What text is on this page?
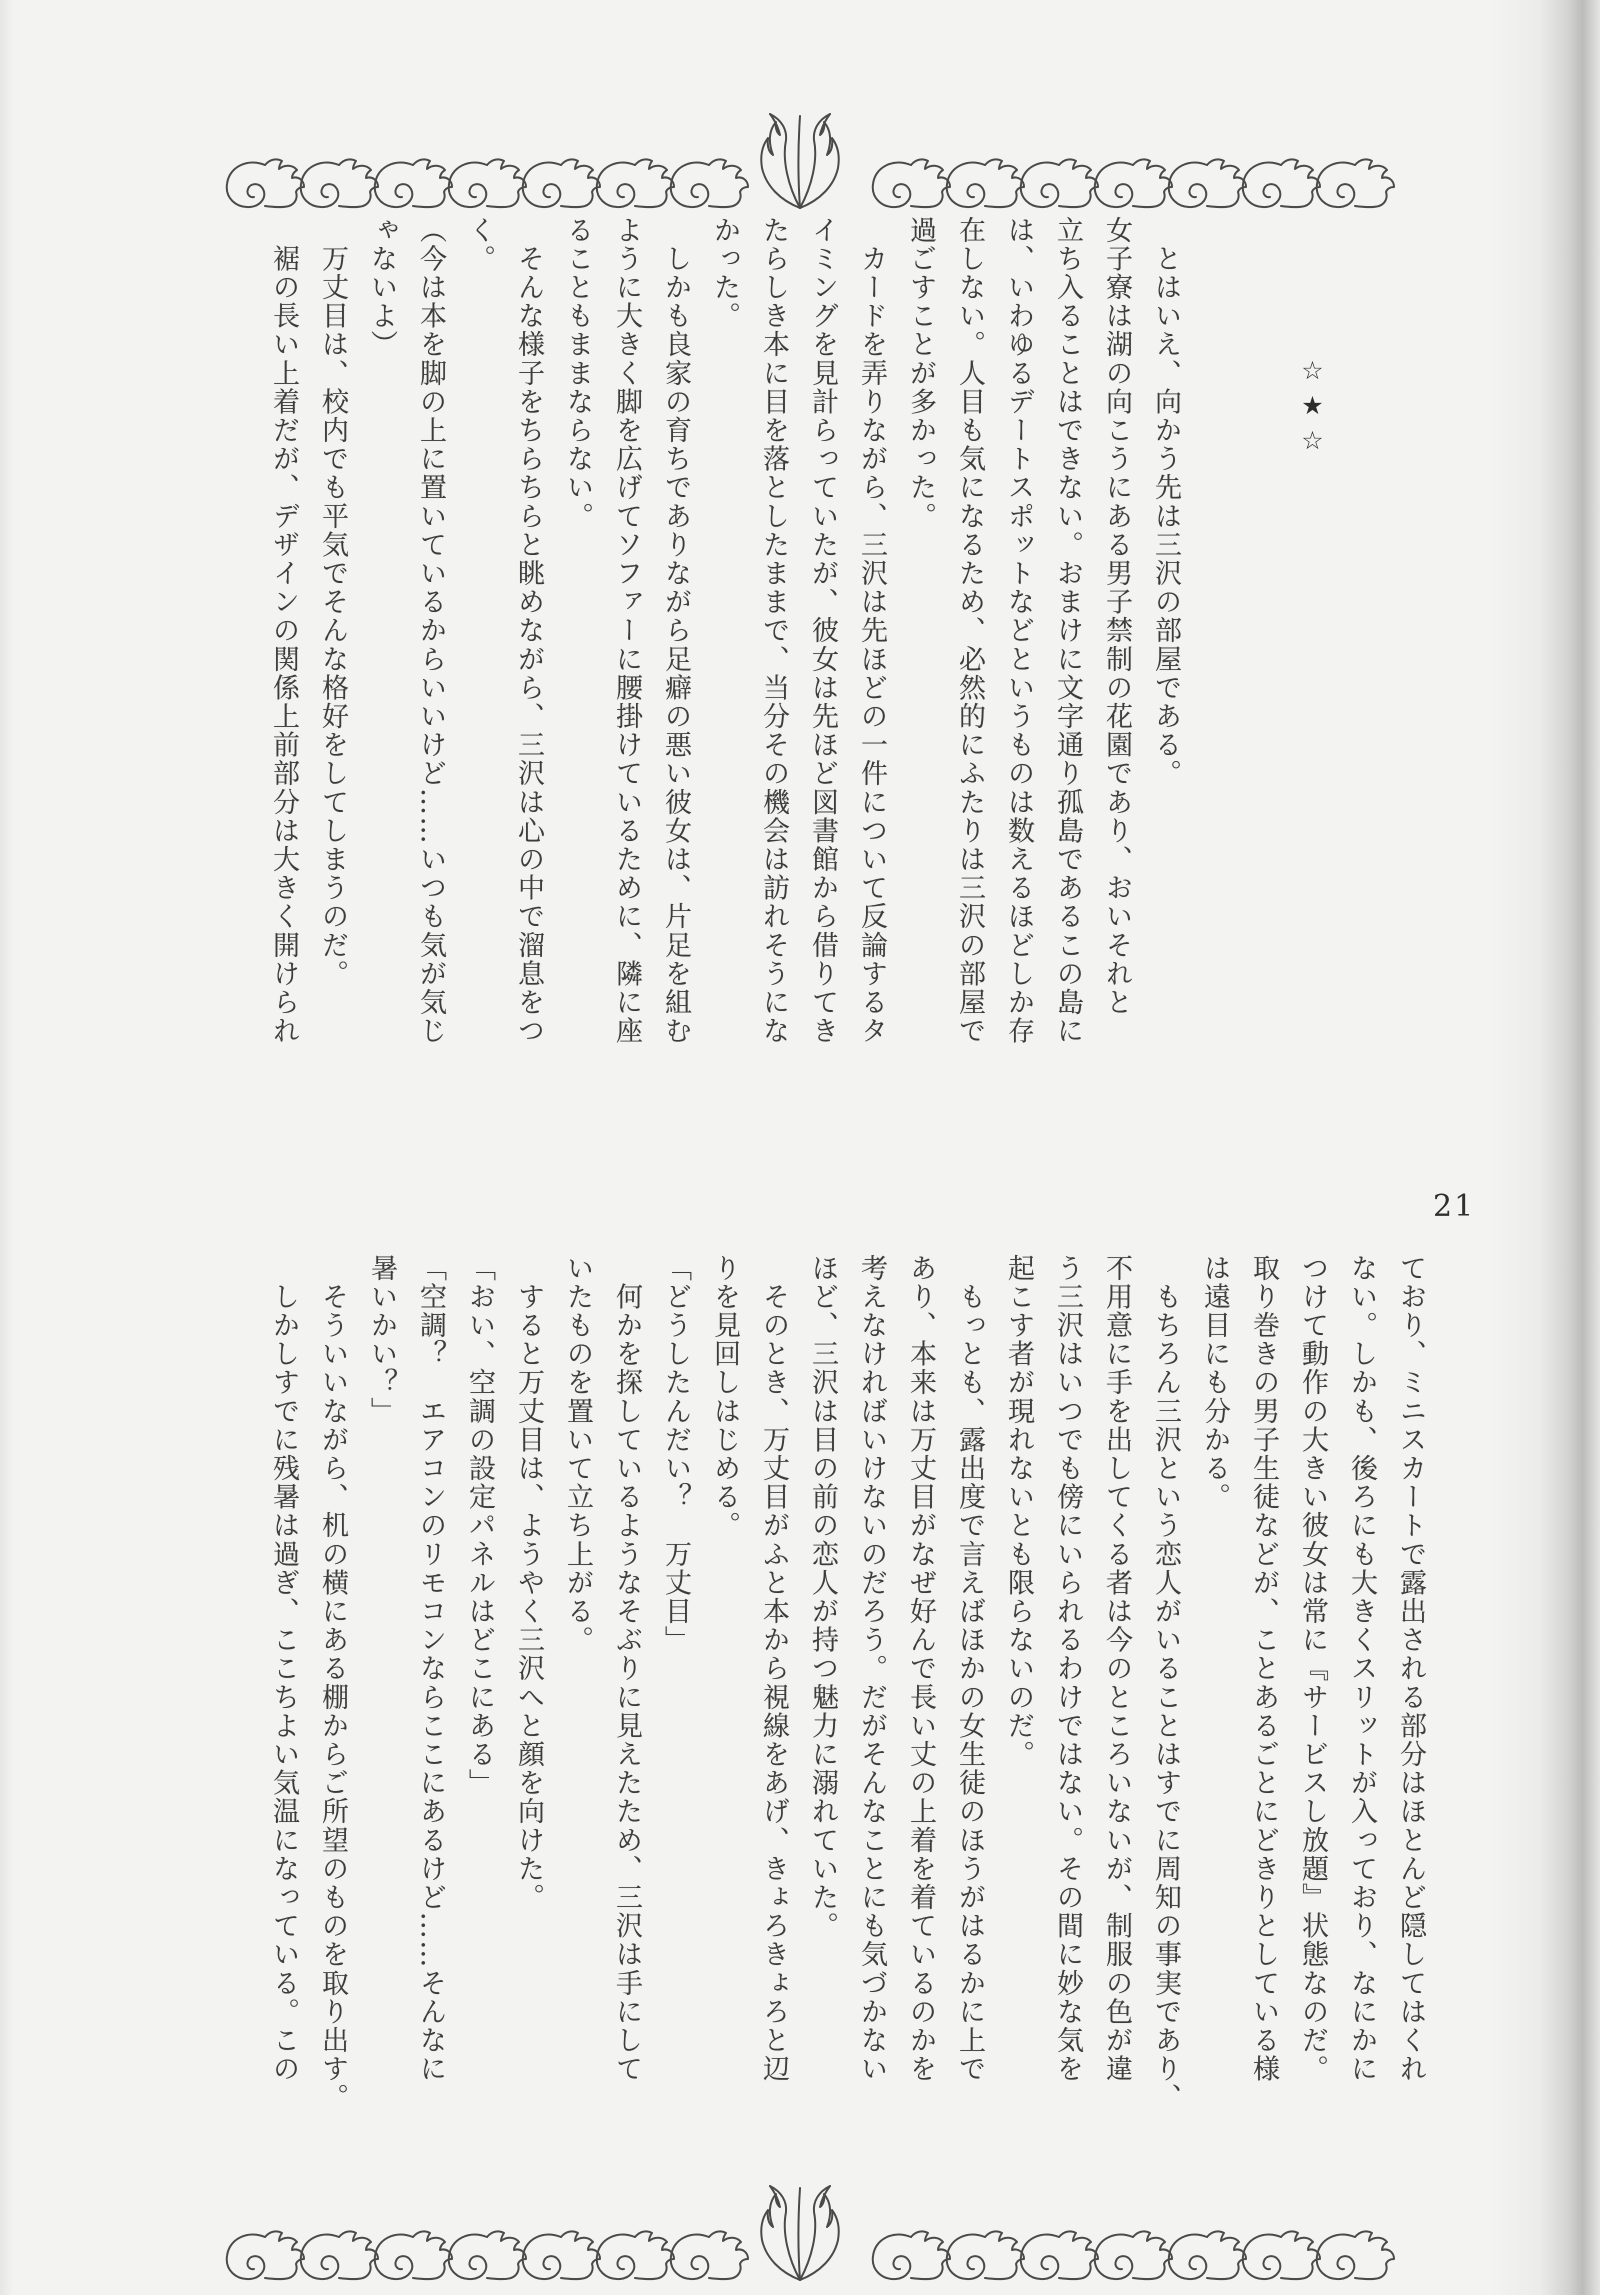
　とはいえ、向かう先は三沢の部屋である。
女子寮は湖の向こうにある男子禁制の花園であり、おいそれと
立ち入ることはできない。おまけに文字通り孤島であるこの島に
は、いわゆるデートスポットなどというものは数えるほどしか存
在しない。人目も気になるため、必然的にふたりは三沢の部屋で
過ごすことが多かった。
　カードを弄りながら、三沢は先ほどの一件について反論するタ
イミングを見計らっていたが、彼女は先ほど図書館から借りてき
たらしき本に目を落としたままで、当分その機会は訪れそうにな
かった。
　しかも良家の育ちでありながら足癖の悪い彼女は、片足を組む
ように大きく脚を広げてソファーに腰掛けているために、隣に座
ることもままならない。
　そんな様子をちらちらと眺めながら、三沢は心の中で溜息をつ
く。
（今は本を脚の上に置いているからいいけど……いつも気が気じ
ゃないよ）
　万丈目は、校内でも平気でそんな格好をしてしまうのだ。
　裾の長い上着だが、デザインの関係上前部分は大きく開けられ	☆★☆
21
ており、ミニスカートで露出される部分はほとんど隠してはくれ
ない。しかも、後ろにも大きくスリットが入っており、なにかに
つけて動作の大きい彼女は常に『サービスし放題』状態なのだ。
取り巻きの男子生徒などが、ことあるごとにどきりとしている様
は遠目にも分かる。
　もちろん三沢という恋人がいることはすでに周知の事実であり、
不用意に手を出してくる者は今のところいないが、制服の色が違
う三沢はいつでも傍にいられるわけではない。その間に妙な気を
起こす者が現れないとも限らないのだ。
　もっとも、露出度で言えばほかの女生徒のほうがはるかに上で
あり、本来は万丈目がなぜ好んで長い丈の上着を着ているのかを
考えなければいけないのだろう。だがそんなことにも気づかない
ほど、三沢は目の前の恋人が持つ魅力に溺れていた。
　そのとき、万丈目がふと本から視線をあげ、きょろきょろと辺
りを見回しはじめる。
「どうしたんだい？　万丈目」
　何かを探しているようなそぶりに見えたため、三沢は手にして
いたものを置いて立ち上がる。
　すると万丈目は、ようやく三沢へと顔を向けた。
「おい、空調の設定パネルはどこにある」
「空調？　エアコンのリモコンならここにあるけど……そんなに
暑いかい？」
　そういいながら、机の横にある棚からご所望のものを取り出す。
　しかしすでに残暑は過ぎ、ここちよい気温になっている。この
